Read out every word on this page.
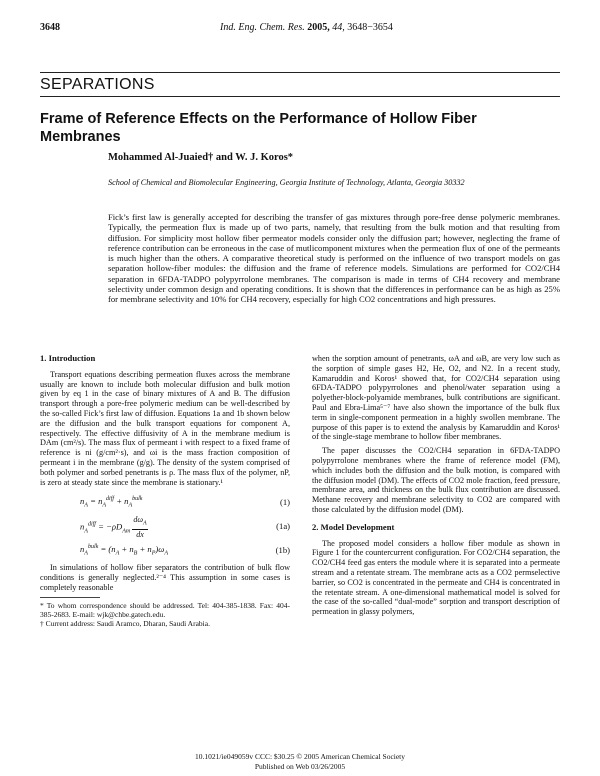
3648	Ind. Eng. Chem. Res. 2005, 44, 3648−3654
SEPARATIONS
Frame of Reference Effects on the Performance of Hollow Fiber Membranes
Mohammed Al-Juaied† and W. J. Koros*
School of Chemical and Biomolecular Engineering, Georgia Institute of Technology, Atlanta, Georgia 30332
Fick’s first law is generally accepted for describing the transfer of gas mixtures through pore-free dense polymeric membranes. Typically, the permeation flux is made up of two parts, namely, that resulting from the bulk motion and that resulting from diffusion. For simplicity most hollow fiber permeator models consider only the diffusion part; however, neglecting the frame of reference contribution can be erroneous in the case of mutlicomponent mixtures when the permeation flux of one of the permeants is much higher than the others. A comparative theoretical study is performed on the influence of two transport models on gas separation hollow-fiber modules: the diffusion and the frame of reference models. Simulations are performed for CO2/CH4 separation in 6FDA-TADPO polypyrrolone membranes. The comparison is made in terms of CH4 recovery and membrane selectivity under common design and operating conditions. It is shown that the differences in performance can be as high as 25% for membrane selectivity and 10% for CH4 recovery, especially for high CO2 concentrations and high pressures.
1. Introduction

Transport equations describing permeation fluxes across the membrane usually are known to include both molecular diffusion and bulk motion given by eq 1 in the case of binary mixtures of A and B. The diffusion transport through a pore-free polymeric medium can be well-described by the so-called Fick’s first law of diffusion. Equations 1a and 1b shown below are the diffusion and the bulk transport equations for component A, respectively. The effective diffusivity of A in the membrane medium is DAm (cm²/s). The mass flux of permeant i with respect to a fixed frame of reference is ni (g/cm²·s), and ωi is the mass fraction composition of permeant i in the membrane (g/g). The density of the system comprised of both polymer and sorbed penetrants is ρ. The mass flux of the polymer, nP, is zero at steady state since the membrane is stationary.¹

$n_A = n_A^{diff} + n_A^{bulk}$	(1)
$n_A^{diff} = -\rho D_{Am} \frac{d\omega_A}{dx}$	(1a)
$n_A^{bulk} = (n_A + n_B + n_P)\omega_A$	(1b)

In simulations of hollow fiber separators the contribution of bulk flow conditions is generally neglected.²⁻⁴ This assumption in some cases is completely reasonable

* To whom correspondence should be addressed. Tel: 404-385-1838. Fax: 404-385-2683. E-mail: wjk@chbe.gatech.edu.
† Current address: Saudi Aramco, Dharan, Saudi Arabia.

when the sorption amount of penetrants, ωA and ωB, are very low such as the sorption of simple gases H2, He, O2, and N2. In a recent study, Kamaruddin and Koros¹ showed that, for CO2/CH4 separation using 6FDA-TADPO polypyrrolones and phenol/water separation using a polyether-block-polyamide membranes, bulk contributions are significant. Paul and Ebra-Lima⁵⁻⁷ have also shown the importance of the bulk flux term in single-component permeation in a highly swollen membrane. The purpose of this paper is to extend the analysis by Kamaruddin and Koros¹ of the single-stage membrane to hollow fiber membranes.

The paper discusses the CO2/CH4 separation in 6FDA-TADPO polypyrrolone membranes where the frame of reference model (FM), which includes both the diffusion and the bulk motion, is compared with the diffusion model (DM). The effects of CO2 mole fraction, feed pressure, membrane area, and thickness on the bulk flux contribution are discussed. Methane recovery and membrane selectivity to CO2 are compared with those calculated by the diffusion model (DM).

2. Model Development

The proposed model considers a hollow fiber module as shown in Figure 1 for the countercurrent configuration. For CO2/CH4 separation, the CO2/CH4 feed gas enters the module where it is separated into a permeate stream and a retentate stream. The membrane acts as a CO2 permselective barrier, so CO2 is concentrated in the permeate and CH4 is concentrated in the retentate stream. A one-dimensional mathematical model is solved for the case of the so-called “dual-mode” sorption and transport description of permeation in glassy polymers,

10.1021/ie049059v CCC: $30.25 © 2005 American Chemical Society
Published on Web 03/26/2005
